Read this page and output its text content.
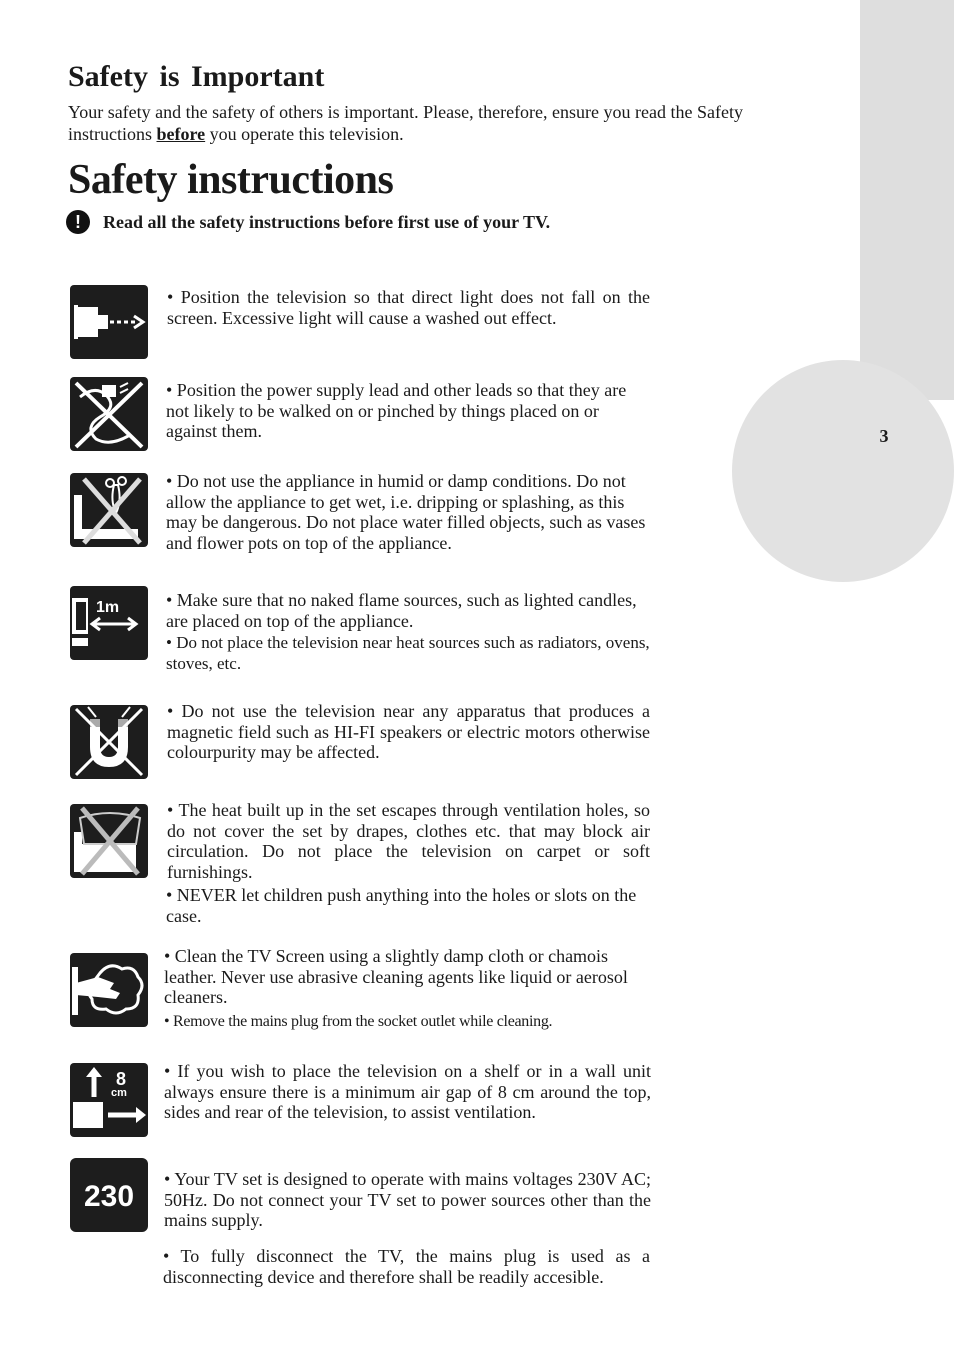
3
Safety is Important

Your safety and the safety of others is important. Please, therefore, ensure you read the Safety instructions before you operate this television.

Safety instructions
!	Read all the safety instructions before first use of your TV.

• Position the television so that direct light does not fall on the screen. Excessive light will cause a washed out effect.

• Position the power supply lead and other leads so that they are not likely to be walked on or pinched by things placed on or against them.

• Do not use the appliance in humid or damp conditions. Do not allow the appliance to get wet, i.e. dripping or splashing, as this may be dangerous. Do not place water filled objects, such as vases and flower pots on top of the appliance.

1m	• Make sure that no naked flame sources, such as lighted candles, are placed on top of the appliance.

• Do not place the television near heat sources such as radiators, ovens, stoves, etc.

• Do not use the television near any apparatus that produces a magnetic field such as HI-FI speakers or electric motors otherwise colourpurity may be affected.

• The heat built up in the set escapes through ventilation holes, so do not cover the set by drapes, clothes etc. that may block air circulation. Do not place the television on carpet or soft furnishings.

• NEVER let children push anything into the holes or slots on the case.

• Clean the TV Screen using a slightly damp cloth or chamois leather. Never use abrasive cleaning agents like liquid or aerosol cleaners.

• Remove the mains plug from the socket outlet while cleaning.

8
cm

• If you wish to place the television on a shelf or in a wall unit always ensure there is a minimum air gap of 8 cm around the top, sides and rear of the television, to assist ventilation.

230

• Your TV set is designed to operate with mains voltages 230V AC; 50Hz. Do not connect your TV set to power sources other than the mains supply.

• To fully disconnect the TV, the mains plug is used as a disconnecting device and therefore shall be readily accesible.
